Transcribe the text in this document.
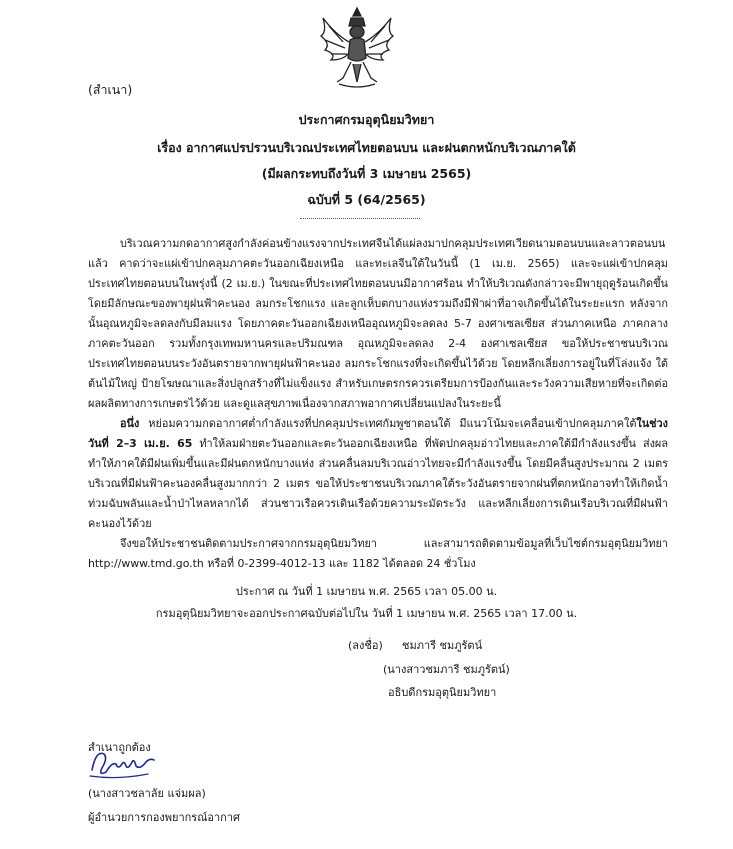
(สำเนา)
ประกาศกรมอุตุนิยมวิทยา
เรื่อง อากาศแปรปรวนบริเวณประเทศไทยตอนบน และฝนตกหนักบริเวณภาคใต้
(มีผลกระทบถึงวันที่ 3 เมษายน 2565)
ฉบับที่ 5 (64/2565)

บริเวณความกดอากาศสูงกำลังค่อนข้างแรงจากประเทศจีนได้แผ่ลงมาปกคลุมประเทศเวียดนามตอนบนและลาวตอนบนแล้ว คาดว่าจะแผ่เข้าปกคลุมภาคตะวันออกเฉียงเหนือ และทะเลจีนใต้ในวันนี้ (1 เม.ย. 2565) และจะแผ่เข้าปกคลุมประเทศไทยตอนบนในพรุ่งนี้ (2 เม.ย.) ในขณะที่ประเทศไทยตอนบนมีอากาศร้อน ทำให้บริเวณดังกล่าวจะมีพายุฤดูร้อนเกิดขึ้น โดยมีลักษณะของพายุฝนฟ้าคะนอง ลมกระโชกแรง และลูกเห็บตกบางแห่งรวมถึงมีฟ้าผ่าที่อาจเกิดขึ้นได้ในระยะแรก หลังจากนั้นอุณหภูมิจะลดลงกับมีลมแรง โดยภาคตะวันออกเฉียงเหนืออุณหภูมิจะลดลง 5-7 องศาเซลเซียส ส่วนภาคเหนือ ภาคกลาง ภาคตะวันออก รวมทั้งกรุงเทพมหานครและปริมณฑล อุณหภูมิจะลดลง 2-4 องศาเซลเซียส ขอให้ประชาชนบริเวณประเทศไทยตอนบนระวังอันตรายจากพายุฝนฟ้าคะนอง ลมกระโชกแรงที่จะเกิดขึ้นไว้ด้วย โดยหลีกเลี่ยงการอยู่ในที่โล่งแจ้ง ใต้ต้นไม้ใหญ่ ป้ายโฆษณาและสิ่งปลูกสร้างที่ไม่แข็งแรง สำหรับเกษตรกรควรเตรียมการป้องกันและระวังความเสียหายที่จะเกิดต่อผลผลิตทางการเกษตรไว้ด้วย และดูแลสุขภาพเนื่องจากสภาพอากาศเปลี่ยนแปลงในระยะนี้

อนึ่ง หย่อมความกดอากาศต่ำกำลังแรงที่ปกคลุมประเทศกัมพูชาตอนใต้ มีแนวโน้มจะเคลื่อนเข้าปกคลุมภาคใต้ในช่วงวันที่ 2–3 เม.ย. 65 ทำให้ลมฝ่ายตะวันออกและตะวันออกเฉียงเหนือ ที่พัดปกคลุมอ่าวไทยและภาคใต้มีกำลังแรงขึ้น ส่งผลทำให้ภาคใต้มีฝนเพิ่มขึ้นและมีฝนตกหนักบางแห่ง ส่วนคลื่นลมบริเวณอ่าวไทยจะมีกำลังแรงขึ้น โดยมีคลื่นสูงประมาณ 2 เมตร บริเวณที่มีฝนฟ้าคะนองคลื่นสูงมากกว่า 2 เมตร ขอให้ประชาชนบริเวณภาคใต้ระวังอันตรายจากฝนที่ตกหนักอาจทำให้เกิดน้ำท่วมฉับพลันและน้ำป่าไหลหลากได้ ส่วนชาวเรือควรเดินเรือด้วยความระมัดระวัง และหลีกเลี่ยงการเดินเรือบริเวณที่มีฝนฟ้าคะนองไว้ด้วย

จึงขอให้ประชาชนติดตามประกาศจากกรมอุตุนิยมวิทยา และสามารถติดตามข้อมูลที่เว็บไซต์กรมอุตุนิยมวิทยา http://www.tmd.go.th หรือที่ 0-2399-4012-13 และ 1182 ได้ตลอด 24 ชั่วโมง

ประกาศ ณ วันที่ 1 เมษายน พ.ศ. 2565 เวลา 05.00 น.
กรมอุตุนิยมวิทยาจะออกประกาศฉบับต่อไปใน วันที่ 1 เมษายน พ.ศ. 2565 เวลา 17.00 น.
(ลงชื่อ) ชมภารี ชมภูรัตน์
(นางสาวชมภารี ชมภูรัตน์)
อธิบดีกรมอุตุนิยมวิทยา
สำเนาถูกต้อง
(นางสาวชลาลัย แจ่มผล)
ผู้อำนวยการกองพยากรณ์อากาศ
